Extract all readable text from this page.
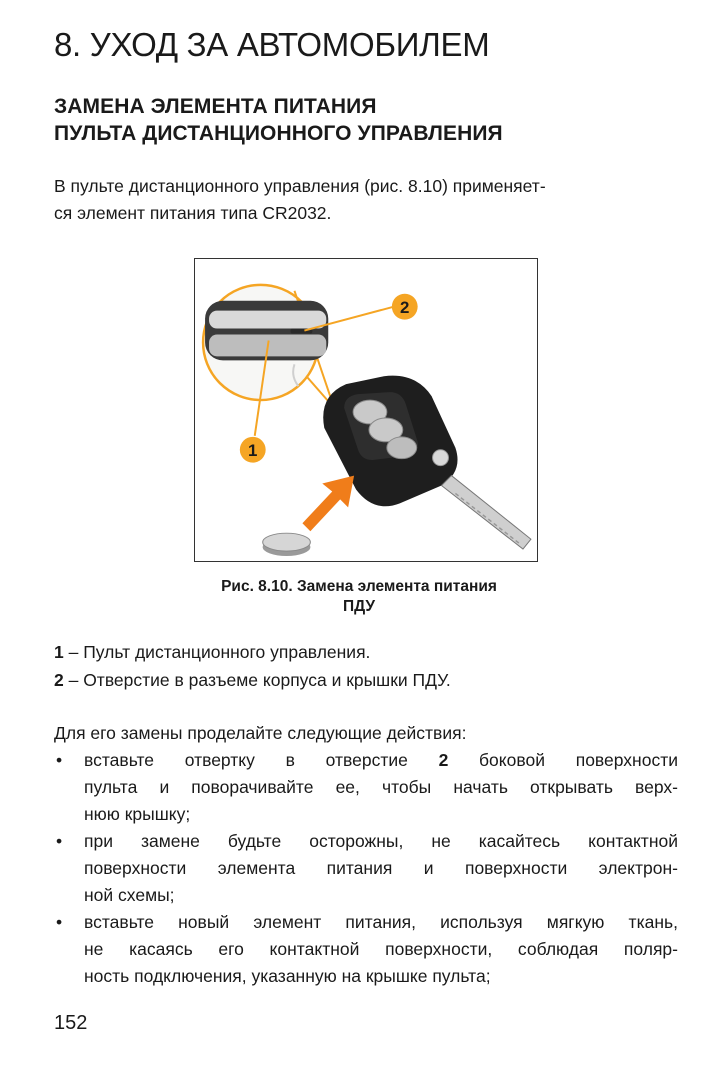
8. УХОД ЗА АВТОМОБИЛЕМ
ЗАМЕНА ЭЛЕМЕНТА ПИТАНИЯ
ПУЛЬТА ДИСТАНЦИОННОГО УПРАВЛЕНИЯ

В пульте дистанционного управления (рис. 8.10) применяет-
ся элемент питания типа CR2032.

2
1

Рис. 8.10. Замена элемента питания
ПДУ

1 – Пульт дистанционного управления.
2 – Отверстие в разъеме корпуса и крышки ПДУ.

Для его замены проделайте следующие действия:

• вставьте отвертку в отверстие 2 боковой поверхности
пульта и поворачивайте ее, чтобы начать открывать верх-
нюю крышку;
• при замене будьте осторожны, не касайтесь контактной
поверхности элемента питания и поверхности электрон-
ной схемы;
• вставьте новый элемент питания, используя мягкую ткань,
не касаясь его контактной поверхности, соблюдая поляр-
ность подключения, указанную на крышке пульта;
152
